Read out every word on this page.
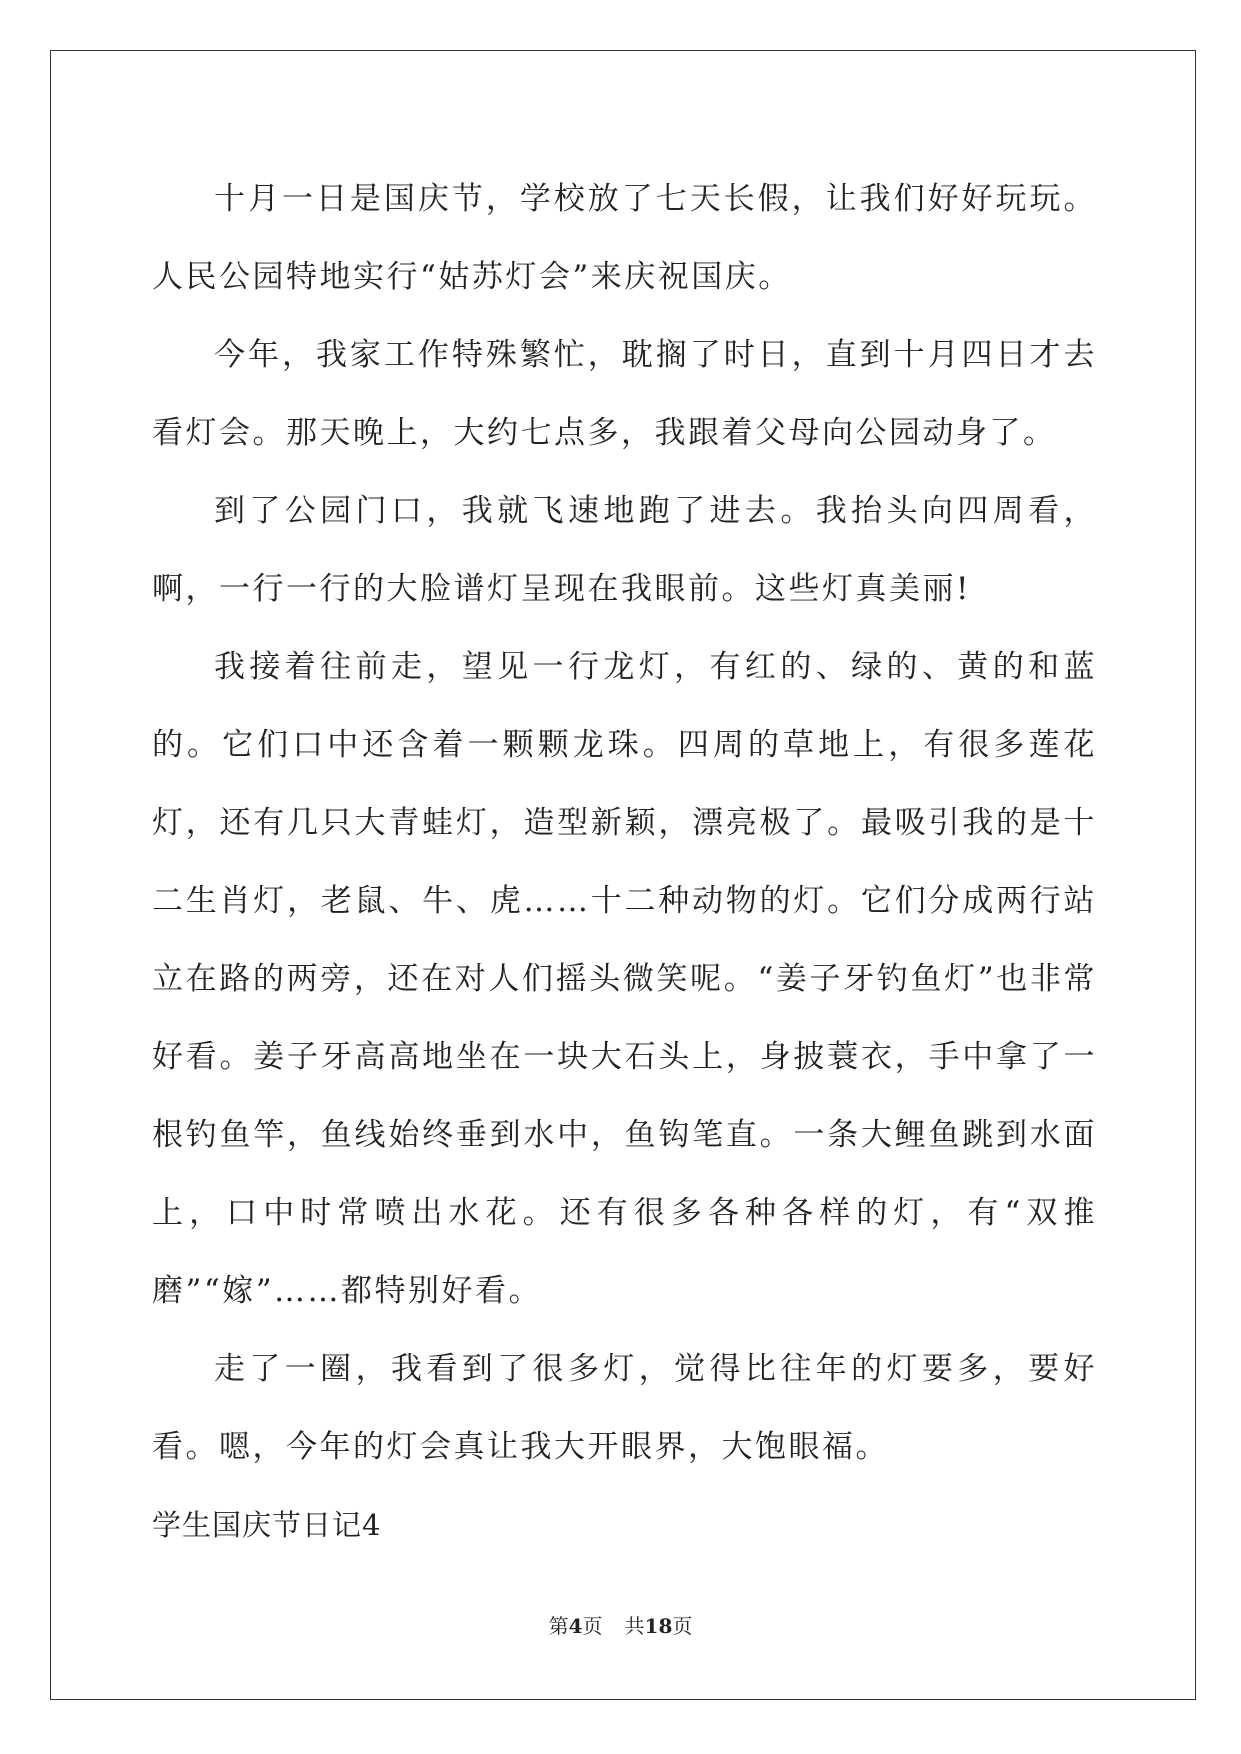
十月一日是国庆节，学校放了七天长假，让我们好好玩玩。人民公园特地实行“姑苏灯会”来庆祝国庆。

今年，我家工作特殊繁忙，耽搁了时日，直到十月四日才去看灯会。那天晚上，大约七点多，我跟着父母向公园动身了。

到了公园门口，我就飞速地跑了进去。我抬头向四周看，啊，一行一行的大脸谱灯呈现在我眼前。这些灯真美丽!

我接着往前走，望见一行龙灯，有红的、绿的、黄的和蓝的。它们口中还含着一颗颗龙珠。四周的草地上，有很多莲花灯，还有几只大青蛙灯，造型新颖，漂亮极了。最吸引我的是十二生肖灯，老鼠、牛、虎……十二种动物的灯。它们分成两行站立在路的两旁，还在对人们摇头微笑呢。“姜子牙钓鱼灯”也非常好看。姜子牙高高地坐在一块大石头上，身披蓑衣，手中拿了一根钓鱼竿，鱼线始终垂到水中，鱼钩笔直。一条大鲤鱼跳到水面上，口中时常喷出水花。还有很多各种各样的灯，有“双推磨”“嫁”……都特别好看。

走了一圈，我看到了很多灯，觉得比往年的灯要多，要好看。嗯，今年的灯会真让我大开眼界，大饱眼福。

学生国庆节日记4

第4页 共18页
